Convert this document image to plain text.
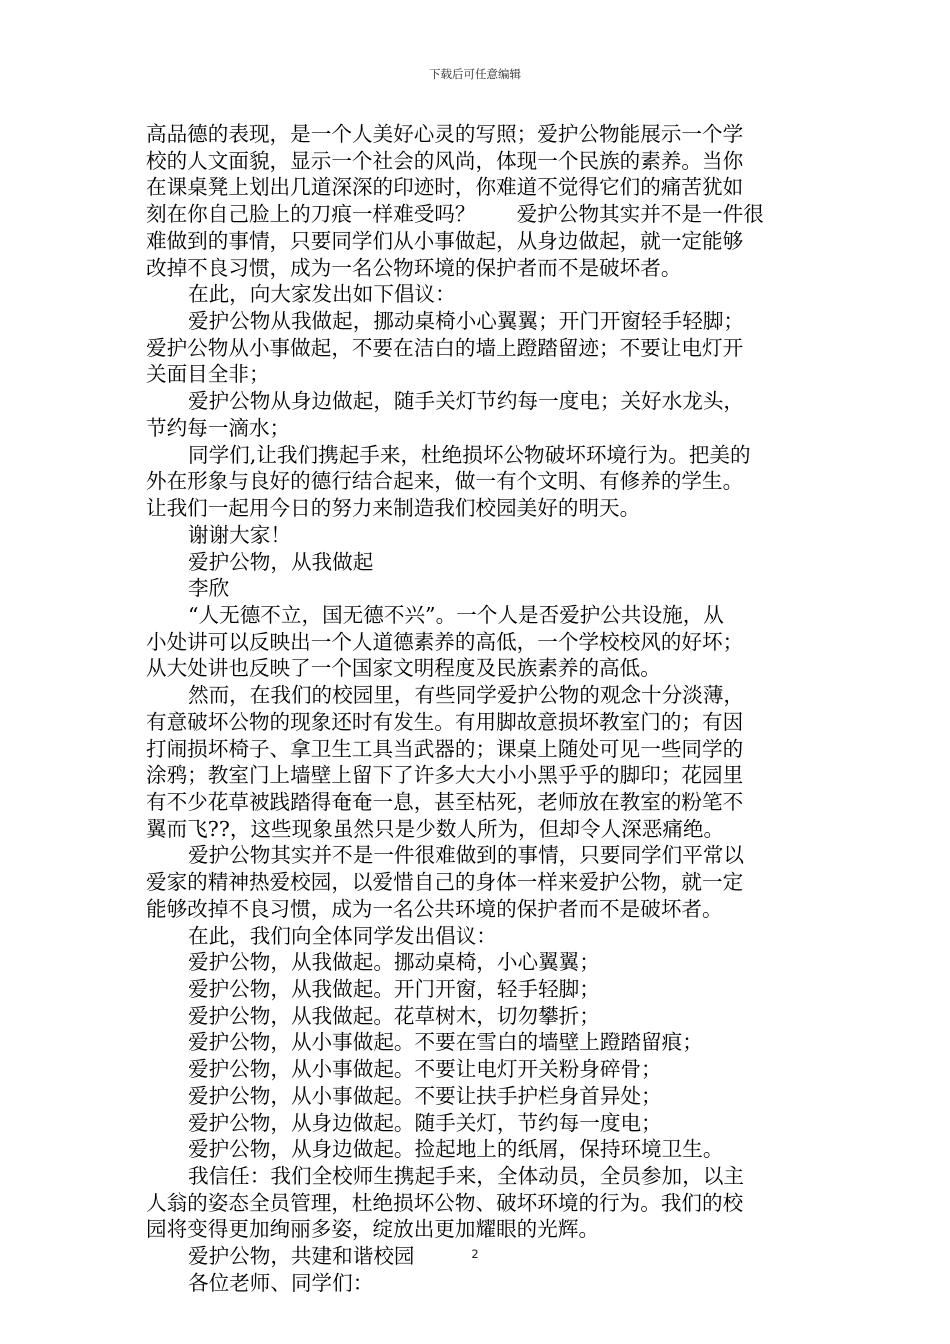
下载后可任意编辑
高品德的表现，是一个人美好心灵的写照；爱护公物能展示一个学
校的人文面貌，显示一个社会的风尚，体现一个民族的素养。当你
在课桌凳上划出几道深深的印迹时，你难道不觉得它们的痛苦犹如
刻在你自己脸上的刀痕一样难受吗？　　爱护公物其实并不是一件很
难做到的事情，只要同学们从小事做起，从身边做起，就一定能够
改掉不良习惯，成为一名公物环境的保护者而不是破坏者。
在此，向大家发出如下倡议：
爱护公物从我做起，挪动桌椅小心翼翼；开门开窗轻手轻脚；
爱护公物从小事做起，不要在洁白的墙上蹬踏留迹；不要让电灯开
关面目全非；
爱护公物从身边做起，随手关灯节约每一度电；关好水龙头，
节约每一滴水；
同学们,让我们携起手来，杜绝损坏公物破坏环境行为。把美的
外在形象与良好的德行结合起来，做一有个文明、有修养的学生。
让我们一起用今日的努力来制造我们校园美好的明天。
谢谢大家！
爱护公物，从我做起
李欣
“人无德不立，国无德不兴”。一个人是否爱护公共设施，从
小处讲可以反映出一个人道德素养的高低，一个学校校风的好坏；
从大处讲也反映了一个国家文明程度及民族素养的高低。
然而，在我们的校园里，有些同学爱护公物的观念十分淡薄，
有意破坏公物的现象还时有发生。有用脚故意损坏教室门的；有因
打闹损坏椅子、拿卫生工具当武器的；课桌上随处可见一些同学的
涂鸦；教室门上墙壁上留下了许多大大小小黑乎乎的脚印；花园里
有不少花草被践踏得奄奄一息，甚至枯死，老师放在教室的粉笔不
翼而飞??，这些现象虽然只是少数人所为，但却令人深恶痛绝。
爱护公物其实并不是一件很难做到的事情，只要同学们平常以
爱家的精神热爱校园，以爱惜自己的身体一样来爱护公物，就一定
能够改掉不良习惯，成为一名公共环境的保护者而不是破坏者。
在此，我们向全体同学发出倡议：
爱护公物，从我做起。挪动桌椅，小心翼翼；
爱护公物，从我做起。开门开窗，轻手轻脚；
爱护公物，从我做起。花草树木，切勿攀折；
爱护公物，从小事做起。不要在雪白的墙壁上蹬踏留痕；
爱护公物，从小事做起。不要让电灯开关粉身碎骨；
爱护公物，从小事做起。不要让扶手护栏身首异处；
爱护公物，从身边做起。随手关灯，节约每一度电；
爱护公物，从身边做起。捡起地上的纸屑，保持环境卫生。
我信任：我们全校师生携起手来，全体动员，全员参加，以主
人翁的姿态全员管理，杜绝损坏公物、破坏环境的行为。我们的校
园将变得更加绚丽多姿，绽放出更加耀眼的光辉。
爱护公物，共建和谐校园
各位老师、同学们：
2
